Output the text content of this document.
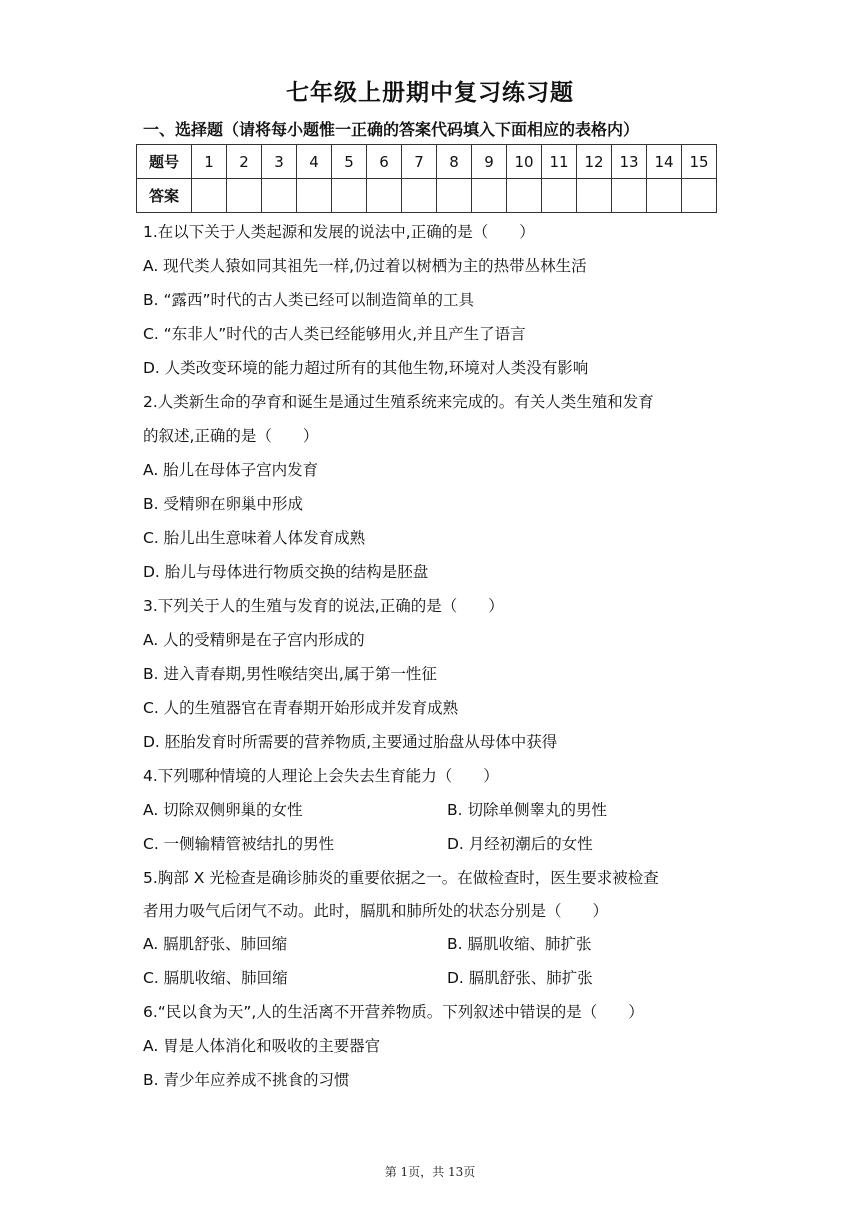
七年级上册期中复习练习题
一、选择题（请将每小题惟一正确的答案代码填入下面相应的表格内）
题号	1	2	3	4	5	6	7	8	9	10	11	12	13	14	15
答案															
1.在以下关于人类起源和发展的说法中,正确的是（　　）
A. 现代类人猿如同其祖先一样,仍过着以树栖为主的热带丛林生活
B. “露西”时代的古人类已经可以制造简单的工具
C. “东非人”时代的古人类已经能够用火,并且产生了语言
D. 人类改变环境的能力超过所有的其他生物,环境对人类没有影响
2.人类新生命的孕育和诞生是通过生殖系统来完成的。有关人类生殖和发育
的叙述,正确的是（　　）
A. 胎儿在母体子宫内发育
B. 受精卵在卵巢中形成
C. 胎儿出生意味着人体发育成熟
D. 胎儿与母体进行物质交换的结构是胚盘
3.下列关于人的生殖与发育的说法,正确的是（　　）
A. 人的受精卵是在子宫内形成的
B. 进入青春期,男性喉结突出,属于第一性征
C. 人的生殖器官在青春期开始形成并发育成熟
D. 胚胎发育时所需要的营养物质,主要通过胎盘从母体中获得
4.下列哪种情境的人理论上会失去生育能力（　　）
A. 切除双侧卵巢的女性	B. 切除单侧睾丸的男性
C. 一侧输精管被结扎的男性	D. 月经初潮后的女性
5.胸部 X 光检查是确诊肺炎的重要依据之一。在做检查时，医生要求被检查
者用力吸气后闭气不动。此时，膈肌和肺所处的状态分别是（　　）
A. 膈肌舒张、肺回缩	B. 膈肌收缩、肺扩张
C. 膈肌收缩、肺回缩	D. 膈肌舒张、肺扩张
6.“民以食为天”,人的生活离不开营养物质。下列叙述中错误的是（　　）
A. 胃是人体消化和吸收的主要器官
B. 青少年应养成不挑食的习惯
第 1页，共 13页
